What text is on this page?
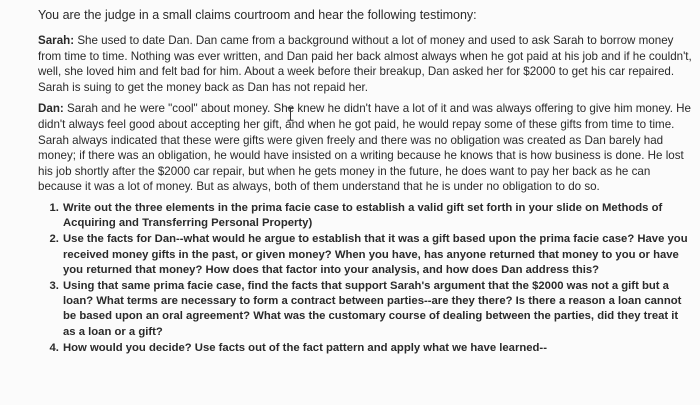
You are the judge in a small claims courtroom and hear the following testimony:

Sarah: She used to date Dan. Dan came from a background without a lot of money and used to ask Sarah to borrow money from time to time. Nothing was ever written, and Dan paid her back almost always when he got paid at his job and if he couldn't, well, she loved him and felt bad for him. About a week before their breakup, Dan asked her for $2000 to get his car repaired. Sarah is suing to get the money back as Dan has not repaid her.

Dan: Sarah and he were "cool" about money. She knew he didn't have a lot of it and was always offering to give him money. He didn't always feel good about accepting her gift, and when he got paid, he would repay some of these gifts from time to time. Sarah always indicated that these were gifts were given freely and there was no obligation was created as Dan barely had money; if there was an obligation, he would have insisted on a writing because he knows that is how business is done. He lost his job shortly after the $2000 car repair, but when he gets money in the future, he does want to pay her back as he can because it was a lot of money. But as always, both of them understand that he is under no obligation to do so.

1. Write out the three elements in the prima facie case to establish a valid gift set forth in your slide on Methods of Acquiring and Transferring Personal Property)
2. Use the facts for Dan--what would he argue to establish that it was a gift based upon the prima facie case? Have you received money gifts in the past, or given money? When you have, has anyone returned that money to you or have you returned that money? How does that factor into your analysis, and how does Dan address this?
3. Using that same prima facie case, find the facts that support Sarah's argument that the $2000 was not a gift but a loan? What terms are necessary to form a contract between parties--are they there? Is there a reason a loan cannot be based upon an oral agreement? What was the customary course of dealing between the parties, did they treat it as a loan or a gift?
4. How would you decide? Use facts out of the fact pattern and apply what we have learned--
